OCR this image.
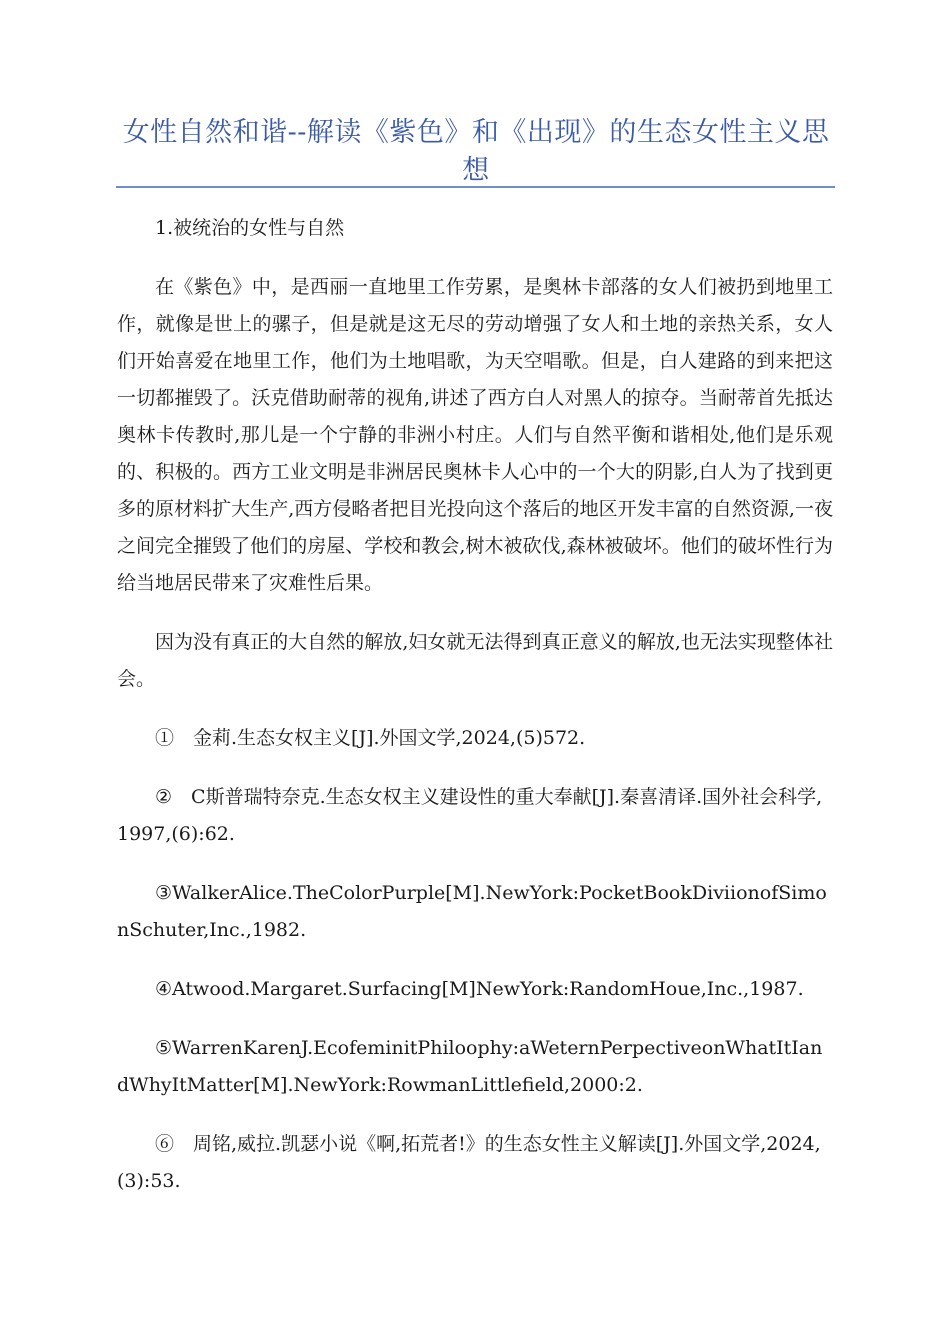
女性自然和谐--解读《紫色》和《出现》的生态女性主义思想

1.被统治的女性与自然

在《紫色》中，是西丽一直地里工作劳累，是奥林卡部落的女人们被扔到地里工作，就像是世上的骡子，但是就是这无尽的劳动增强了女人和土地的亲热关系，女人们开始喜爱在地里工作，他们为土地唱歌，为天空唱歌。但是，白人建路的到来把这一切都摧毁了。沃克借助耐蒂的视角,讲述了西方白人对黑人的掠夺。当耐蒂首先抵达奥林卡传教时,那儿是一个宁静的非洲小村庄。人们与自然平衡和谐相处,他们是乐观的、积极的。西方工业文明是非洲居民奥林卡人心中的一个大的阴影,白人为了找到更多的原材料扩大生产,西方侵略者把目光投向这个落后的地区开发丰富的自然资源,一夜之间完全摧毁了他们的房屋、学校和教会,树木被砍伐,森林被破坏。他们的破坏性行为给当地居民带来了灾难性后果。

因为没有真正的大自然的解放,妇女就无法得到真正意义的解放,也无法实现整体社会。

①　金莉.生态女权主义[J].外国文学,2024,(5)572.

②　C斯普瑞特奈克.生态女权主义建设性的重大奉献[J].秦喜清译.国外社会科学,1997,(6):62.

③WalkerAlice.TheColorPurple[M].NewYork:PocketBookDiviionofSimonSchuter,Inc.,1982.

④Atwood.Margaret.Surfacing[M]NewYork:RandomHoue,Inc.,1987.

⑤WarrenKarenJ.EcofeminitPhiloophy:aWeternPerpectiveonWhatItIandWhyItMatter[M].NewYork:RowmanLittlefield,2000:2.

⑥　周铭,威拉.凯瑟小说《啊,拓荒者!》的生态女性主义解读[J].外国文学,2024,(3):53.
